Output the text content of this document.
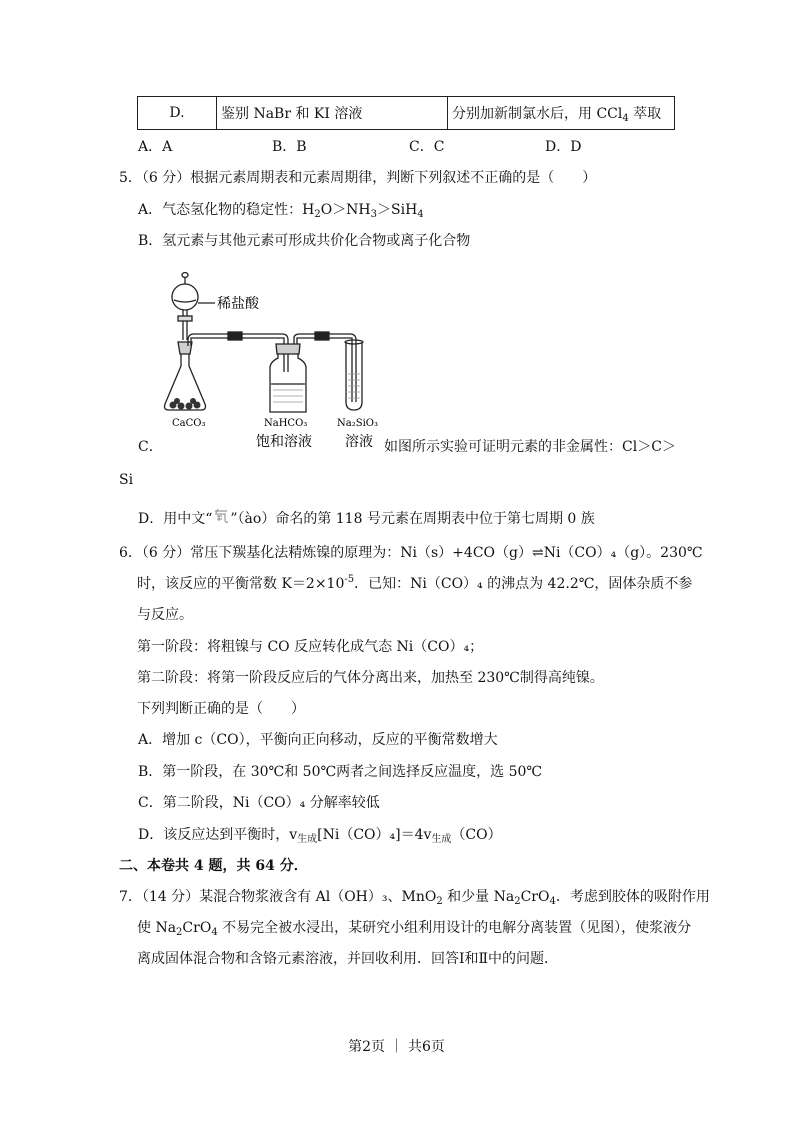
D.	鉴别 NaBr 和 KI 溶液	分别加新制氯水后，用 CCl$_4$ 萃取
A．A	B．B	C．C	D．D
5．（6 分）根据元素周期表和元素周期律，判断下列叙述不正确的是（　　）
A．气态氢化物的稳定性：$H_2O>NH_3>SiH_4$
B．氢元素与其他元素可形成共价化合物或离子化合物
稀盐酸
CaCO₃	NaHCO₃
饱和溶液
Na₂SiO₃
溶液
C．	如图所示实验可证明元素的非金属性：Cl＞C＞
Si
D．用中文“ ”（ào）命名的第 118 号元素在周期表中位于第七周期 0 族
6．（6 分）常压下羰基化法精炼镍的原理为：Ni（s）+4CO（g）⇌Ni（CO）₄（g）。230℃
时，该反应的平衡常数 $K=2\times 10^{-5}$．已知：Ni（CO）₄ 的沸点为 42.2℃，固体杂质不参
与反应。
第一阶段：将粗镍与 CO 反应转化成气态 Ni（CO）₄；
第二阶段：将第一阶段反应后的气体分离出来，加热至 230℃制得高纯镍。
下列判断正确的是（　　）
A．增加 c（CO），平衡向正向移动，反应的平衡常数增大
B．第一阶段，在 30℃和 50℃两者之间选择反应温度，选 50℃
C．第二阶段，Ni（CO）₄ 分解率较低
D．该反应达到平衡时，$v_{生成}[Ni(CO)_4]=4v_{生成}(CO)$
二、本卷共 4 题，共 64 分．
7．（14 分）某混合物浆液含有 Al（OH）₃、MnO$_2$ 和少量 $Na_2CrO_4$．考虑到胶体的吸附作用
使 $Na_2CrO_4$ 不易完全被水浸出，某研究小组利用设计的电解分离装置（见图），使浆液分
离成固体混合物和含铬元素溶液，并回收利用．回答Ⅰ和Ⅱ中的问题．
第2页 ｜ 共6页
